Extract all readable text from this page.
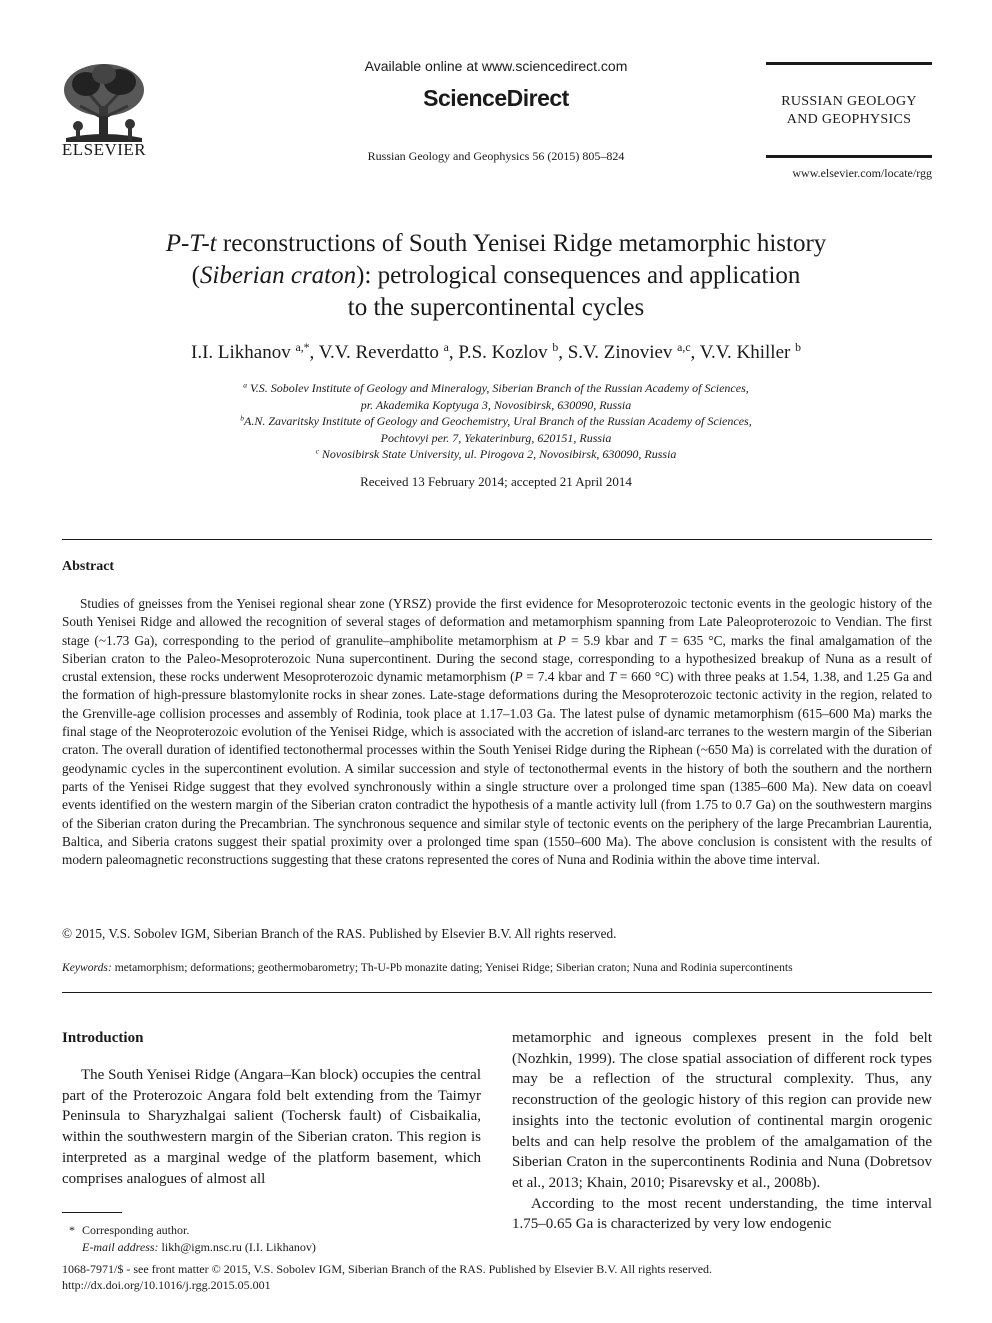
ELSEVIER
Available online at www.sciencedirect.com
ScienceDirect
Russian Geology and Geophysics 56 (2015) 805–824
RUSSIAN GEOLOGY
AND GEOPHYSICS
www.elsevier.com/locate/rgg
P-T-t reconstructions of South Yenisei Ridge metamorphic history
(Siberian craton): petrological consequences and application
to the supercontinental cycles
I.I. Likhanov $^{a,*}$, V.V. Reverdatto $^a$, P.S. Kozlov $^b$, S.V. Zinoviev $^{a,c}$, V.V. Khiller $^b$
$^a$ V.S. Sobolev Institute of Geology and Mineralogy, Siberian Branch of the Russian Academy of Sciences,
pr. Akademika Koptyuga 3, Novosibirsk, 630090, Russia
$^b$A.N. Zavaritsky Institute of Geology and Geochemistry, Ural Branch of the Russian Academy of Sciences,
Pochtovyi per. 7, Yekaterinburg, 620151, Russia
$^c$ Novosibirsk State University, ul. Pirogova 2, Novosibirsk, 630090, Russia
Received 13 February 2014; accepted 21 April 2014
Abstract
Studies of gneisses from the Yenisei regional shear zone (YRSZ) provide the first evidence for Mesoproterozoic tectonic events in the geologic history of the South Yenisei Ridge and allowed the recognition of several stages of deformation and metamorphism spanning from Late Paleoproterozoic to Vendian. The first stage (~1.73 Ga), corresponding to the period of granulite–amphibolite metamorphism at P = 5.9 kbar and T = 635 °C, marks the final amalgamation of the Siberian craton to the Paleo-Mesoproterozoic Nuna supercontinent. During the second stage, corresponding to a hypothesized breakup of Nuna as a result of crustal extension, these rocks underwent Mesoproterozoic dynamic metamorphism (P = 7.4 kbar and T = 660 °C) with three peaks at 1.54, 1.38, and 1.25 Ga and the formation of high-pressure blastomylonite rocks in shear zones. Late-stage deformations during the Mesoproterozoic tectonic activity in the region, related to the Grenville-age collision processes and assembly of Rodinia, took place at 1.17–1.03 Ga. The latest pulse of dynamic metamorphism (615–600 Ma) marks the final stage of the Neoproterozoic evolution of the Yenisei Ridge, which is associated with the accretion of island-arc terranes to the western margin of the Siberian craton. The overall duration of identified tectonothermal processes within the South Yenisei Ridge during the Riphean (~650 Ma) is correlated with the duration of geodynamic cycles in the supercontinent evolution. A similar succession and style of tectonothermal events in the history of both the southern and the northern parts of the Yenisei Ridge suggest that they evolved synchronously within a single structure over a prolonged time span (1385–600 Ma). New data on coeavl events identified on the western margin of the Siberian craton contradict the hypothesis of a mantle activity lull (from 1.75 to 0.7 Ga) on the southwestern margins of the Siberian craton during the Precambrian. The synchronous sequence and similar style of tectonic events on the periphery of the large Precambrian Laurentia, Baltica, and Siberia cratons suggest their spatial proximity over a prolonged time span (1550–600 Ma). The above conclusion is consistent with the results of modern paleomagnetic reconstructions suggesting that these cratons represented the cores of Nuna and Rodinia within the above time interval.
© 2015, V.S. Sobolev IGM, Siberian Branch of the RAS. Published by Elsevier B.V. All rights reserved.
Keywords: metamorphism; deformations; geothermobarometry; Th-U-Pb monazite dating; Yenisei Ridge; Siberian craton; Nuna and Rodinia supercontinents
Introduction
The South Yenisei Ridge (Angara–Kan block) occupies the central part of the Proterozoic Angara fold belt extending from the Taimyr Peninsula to Sharyzhalgai salient (Tochersk fault) of Cisbaikalia, within the southwestern margin of the Siberian craton. This region is interpreted as a marginal wedge of the platform basement, which comprises analogues of almost all

metamorphic and igneous complexes present in the fold belt (Nozhkin, 1999). The close spatial association of different rock types may be a reflection of the structural complexity. Thus, any reconstruction of the geologic history of this region can provide new insights into the tectonic evolution of continental margin orogenic belts and can help resolve the problem of the amalgamation of the Siberian Craton in the supercontinents Rodinia and Nuna (Dobretsov et al., 2013; Khain, 2010; Pisarevsky et al., 2008b).

According to the most recent understanding, the time interval 1.75–0.65 Ga is characterized by very low endogenic

* Corresponding author.
E-mail address: likh@igm.nsc.ru (I.I. Likhanov)
1068-7971/$ - see front matter © 2015, V.S. Sobolev IGM, Siberian Branch of the RAS. Published by Elsevier B.V. All rights reserved.
http://dx.doi.org/10.1016/j.rgg.2015.05.001
